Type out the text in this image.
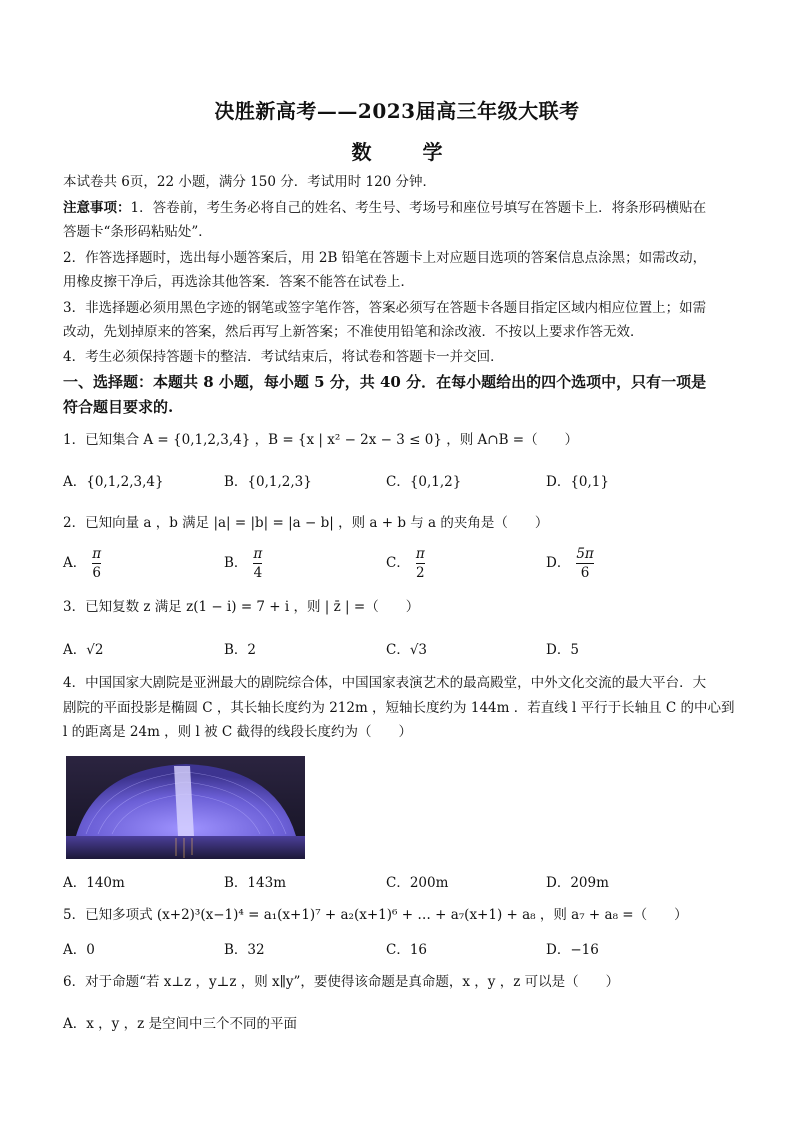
决胜新高考——2023届高三年级大联考
数 学
本试卷共 6页，22 小题，满分 150 分．考试用时 120 分钟．
注意事项：1．答卷前，考生务必将自己的姓名、考生号、考场号和座位号填写在答题卡上．将条形码横贴在
答题卡“条形码粘贴处”．
2．作答选择题时，选出每小题答案后，用 2B 铅笔在答题卡上对应题目选项的答案信息点涂黑；如需改动，
用橡皮擦干净后，再选涂其他答案．答案不能答在试卷上．
3．非选择题必须用黑色字迹的钢笔或签字笔作答，答案必须写在答题卡各题目指定区域内相应位置上；如需
改动，先划掉原来的答案，然后再写上新答案；不准使用铅笔和涂改液．不按以上要求作答无效．
4．考生必须保持答题卡的整洁．考试结束后，将试卷和答题卡一并交回．
一、选择题：本题共 8 小题，每小题 5 分，共 40 分．在每小题给出的四个选项中，只有一项是
符合题目要求的.
1．已知集合 A = {0,1,2,3,4} ，B = {x | x² − 2x − 3 ≤ 0} ，则 A∩B =（　　）
A．{0,1,2,3,4}	B．{0,1,2,3}	C．{0,1,2}	D．{0,1}
2．已知向量 a ，b 满足 |a| = |b| = |a − b| ，则 a + b 与 a 的夹角是（　　）
A． $\frac{\pi}{6}$	B． $\frac{\pi}{4}$	C． $\frac{\pi}{2}$	D． $\frac{5\pi}{6}$
3．已知复数 z 满足 z(1 − i) = 7 + i ，则 | z̄ | =（　　）
A．√2	B．2	C．√3	D．5
4．中国国家大剧院是亚洲最大的剧院综合体，中国国家表演艺术的最高殿堂，中外文化交流的最大平台．大
剧院的平面投影是椭圆 C ，其长轴长度约为 212m ，短轴长度约为 144m ．若直线 l 平行于长轴且 C 的中心到
l 的距离是 24m ，则 l 被 C 截得的线段长度约为（　　）
A．140m	B．143m	C．200m	D．209m
5．已知多项式 (x+2)³(x−1)⁴ = a₁(x+1)⁷ + a₂(x+1)⁶ + … + a₇(x+1) + a₈ ，则 a₇ + a₈ =（　　）
A．0	B．32	C．16	D．−16
6．对于命题“若 x⊥z ，y⊥z ，则 x∥y”，要使得该命题是真命题，x ，y ，z 可以是（　　）
A．x ，y ，z 是空间中三个不同的平面
